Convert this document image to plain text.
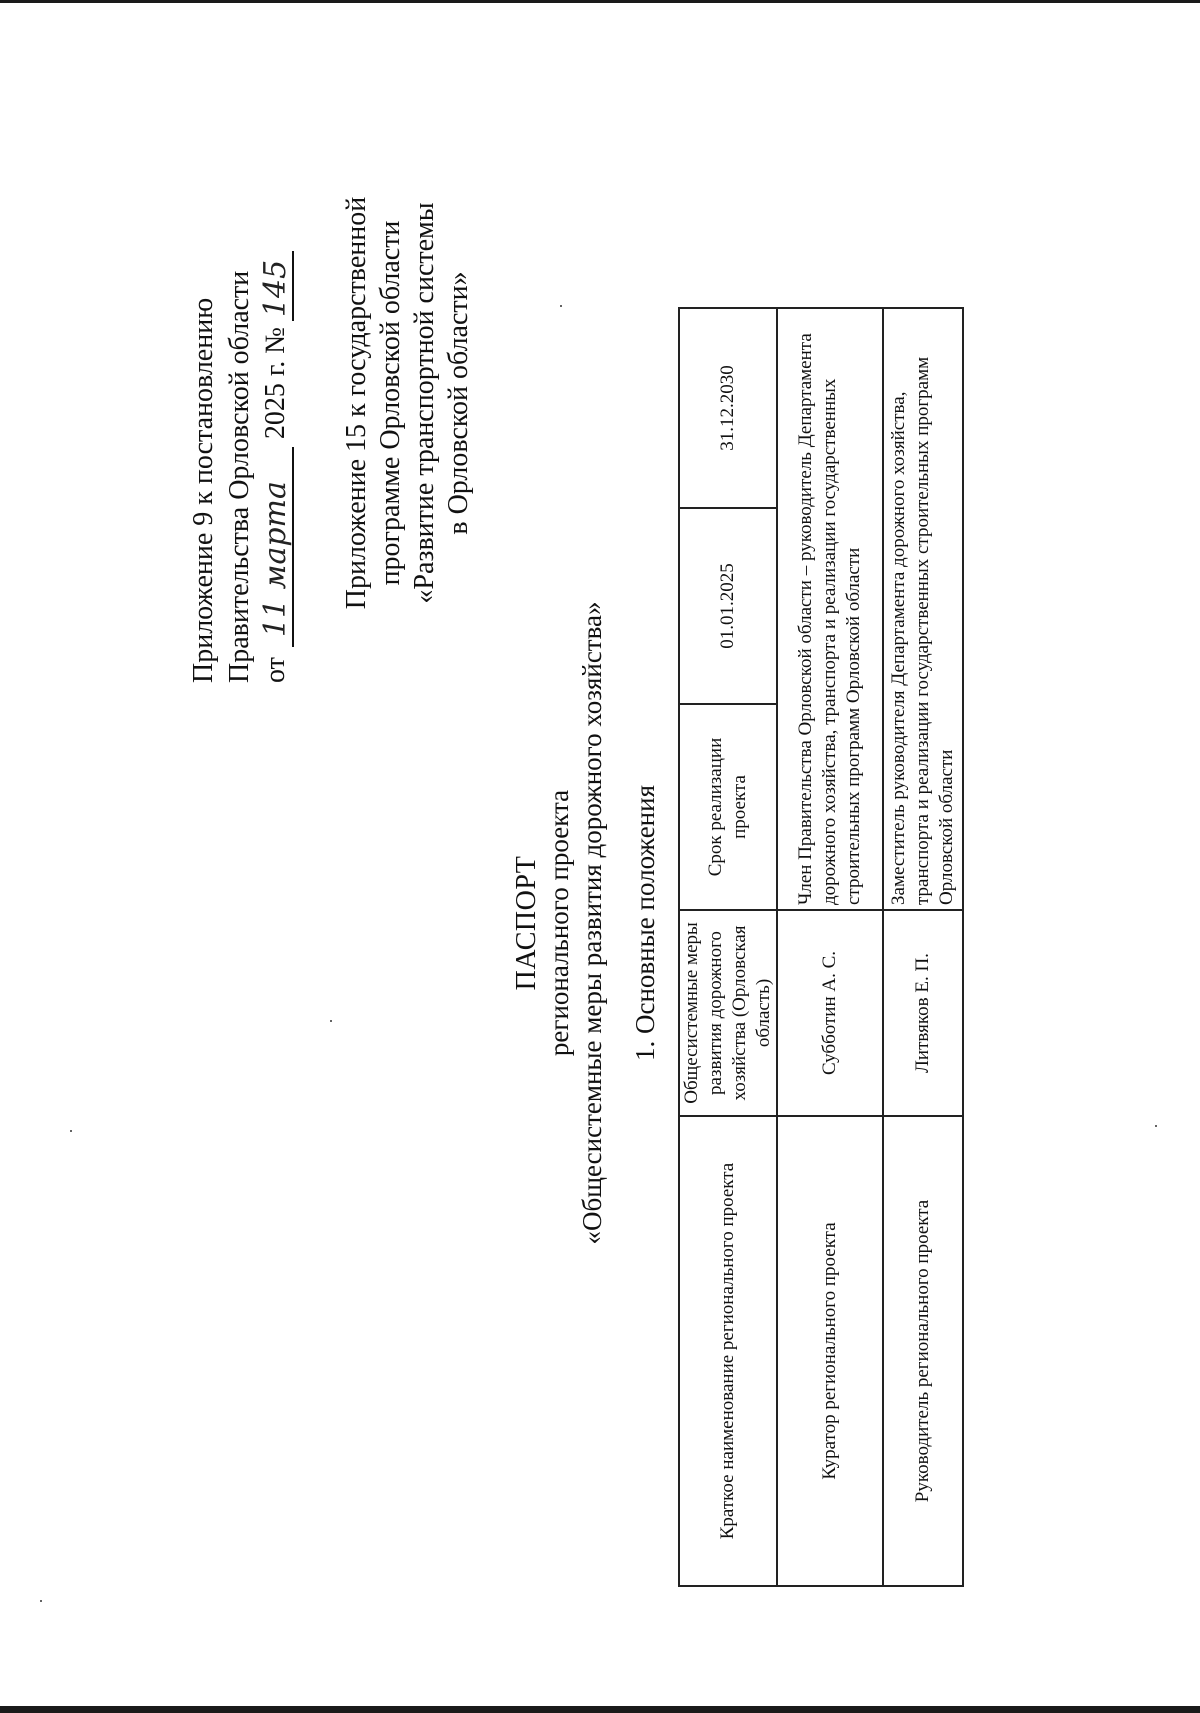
Приложение 9 к постановлению Правительства Орловской области от
11 марта
2025 г. №
145 Приложение 15 к государственной программе Орловской области «Развитие транспортной системы в Орловской области»
ПАСПОРТ регионального проекта «Общесистемные меры развития дорожного хозяйства» 1. Основные положения
Краткое наименование регионального проекта	Общесистемные меры развития дорожного хозяйства (Орловская область)	Срок реализации проекта	01.01.2025	31.12.2030
Куратор регионального проекта	Субботин А. С.	Член Правительства Орловской области – руководитель Департамента дорожного хозяйства, транспорта и реализации государственных строительных программ Орловской области		
Руководитель регионального проекта	Литвяков Е. П.	Заместитель руководителя Департамента дорожного хозяйства, транспорта и реализации государственных строительных программ Орловской области		
